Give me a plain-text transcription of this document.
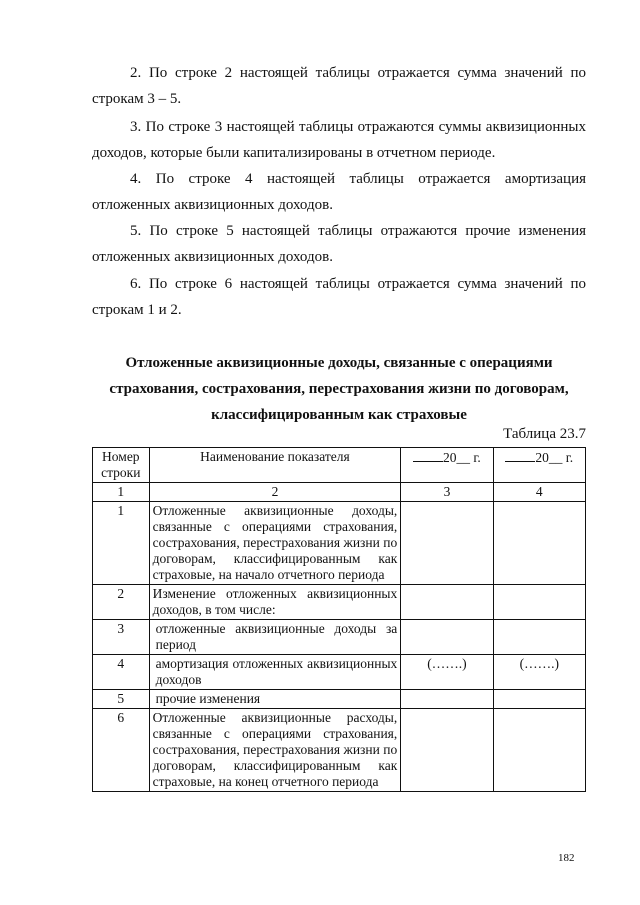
2. По строке 2 настоящей таблицы отражается сумма значений по
строкам 3 – 5.

3. По строке 3 настоящей таблицы отражаются суммы аквизиционных
доходов, которые были капитализированы в отчетном периоде.

4. По строке 4 настоящей таблицы отражается амортизация
отложенных аквизиционных доходов.

5. По строке 5 настоящей таблицы отражаются прочие изменения
отложенных аквизиционных доходов.

6. По строке 6 настоящей таблицы отражается сумма значений по
строкам 1 и 2.

Отложенные аквизиционные доходы, связанные с операциями страхования, сострахования, перестрахования жизни по договорам, классифицированным как страховые
Таблица 23.7
Номер строки	Наименование показателя	20__ г.	20__ г.
1	2	3	4
1	Отложенные аквизиционные доходы, связанные с операциями страхования, сострахования, перестрахования жизни по договорам, классифицированным как страховые, на начало отчетного периода		
2	Изменение отложенных аквизиционных доходов, в том числе:		
3	отложенные аквизиционные доходы за период		
4	амортизация отложенных аквизиционных доходов	(…….)	(…….)
5	прочие изменения		
6	Отложенные аквизиционные расходы, связанные с операциями страхования, сострахования, перестрахования жизни по договорам, классифицированным как страховые, на конец отчетного периода		
182
